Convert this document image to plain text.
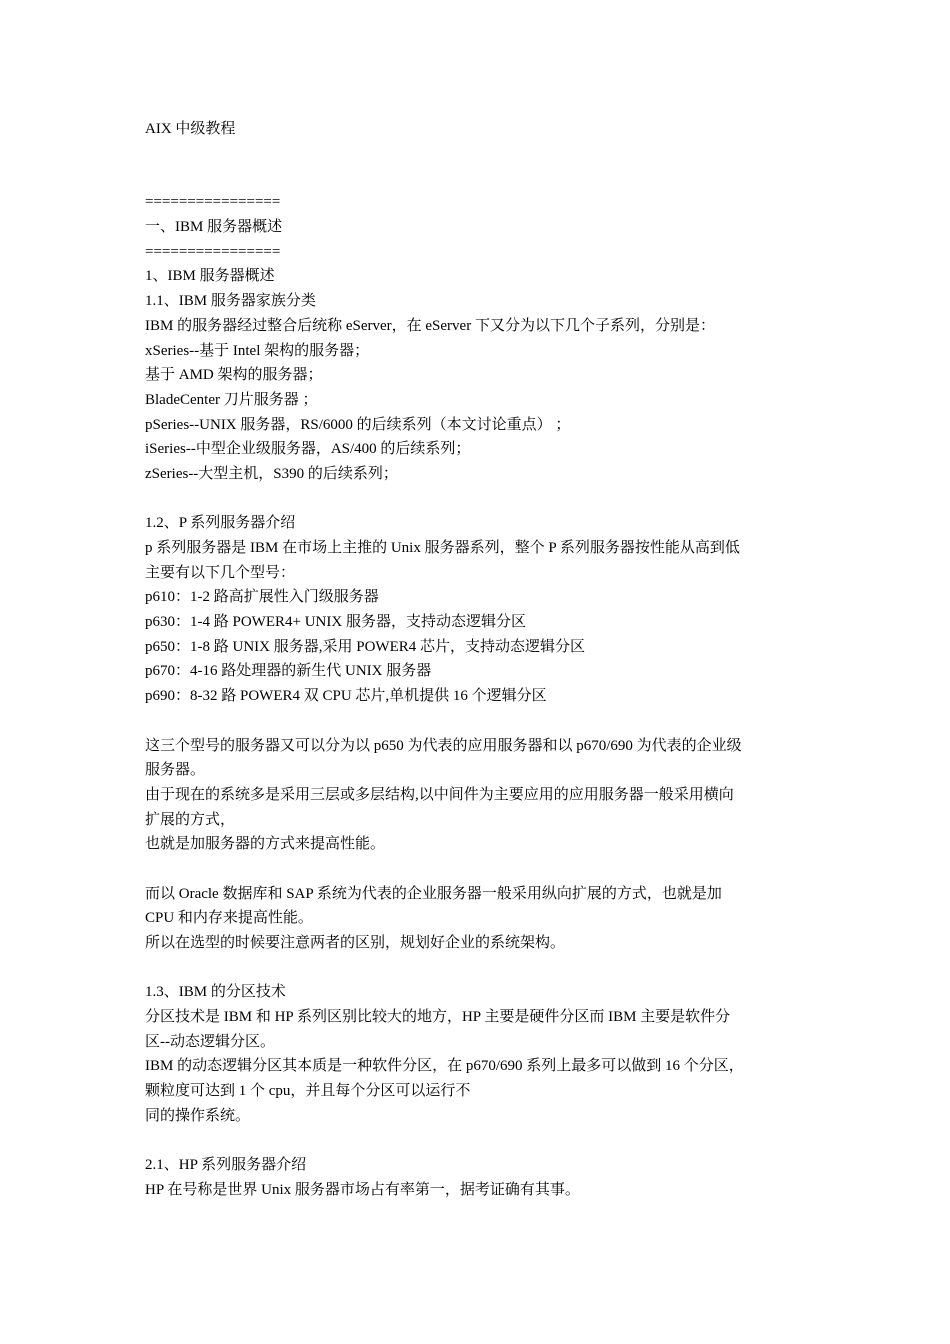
AIX 中级教程
================
一、IBM 服务器概述
================
1、IBM 服务器概述
1.1、IBM 服务器家族分类
IBM 的服务器经过整合后统称 eServer，在 eServer 下又分为以下几个子系列，分别是：
xSeries--基于 Intel 架构的服务器；
基于 AMD 架构的服务器；
BladeCenter 刀片服务器 ；
pSeries--UNIX 服务器，RS/6000 的后续系列（本文讨论重点） ；
iSeries--中型企业级服务器，AS/400 的后续系列；
zSeries--大型主机，S390 的后续系列；
1.2、P 系列服务器介绍
p 系列服务器是 IBM 在市场上主推的 Unix 服务器系列，整个 P 系列服务器按性能从高到低
主要有以下几个型号：
p610：1-2 路高扩展性入门级服务器
p630：1-4 路 POWER4+ UNIX 服务器，支持动态逻辑分区
p650：1-8 路 UNIX 服务器,采用 POWER4 芯片，支持动态逻辑分区
p670：4-16 路处理器的新生代 UNIX 服务器
p690：8-32 路 POWER4 双 CPU 芯片,单机提供 16 个逻辑分区
这三个型号的服务器又可以分为以 p650 为代表的应用服务器和以 p670/690 为代表的企业级
服务器。
由于现在的系统多是采用三层或多层结构,以中间件为主要应用的应用服务器一般采用横向
扩展的方式，
也就是加服务器的方式来提高性能。
而以 Oracle 数据库和 SAP 系统为代表的企业服务器一般采用纵向扩展的方式，也就是加
CPU 和内存来提高性能。
所以在选型的时候要注意两者的区别，规划好企业的系统架构。
1.3、IBM 的分区技术
分区技术是 IBM 和 HP 系列区别比较大的地方，HP 主要是硬件分区而 IBM 主要是软件分
区--动态逻辑分区。
IBM 的动态逻辑分区其本质是一种软件分区，在 p670/690 系列上最多可以做到 16 个分区，
颗粒度可达到 1 个 cpu，并且每个分区可以运行不
同的操作系统。
2.1、HP 系列服务器介绍
HP 在号称是世界 Unix 服务器市场占有率第一，据考证确有其事。
